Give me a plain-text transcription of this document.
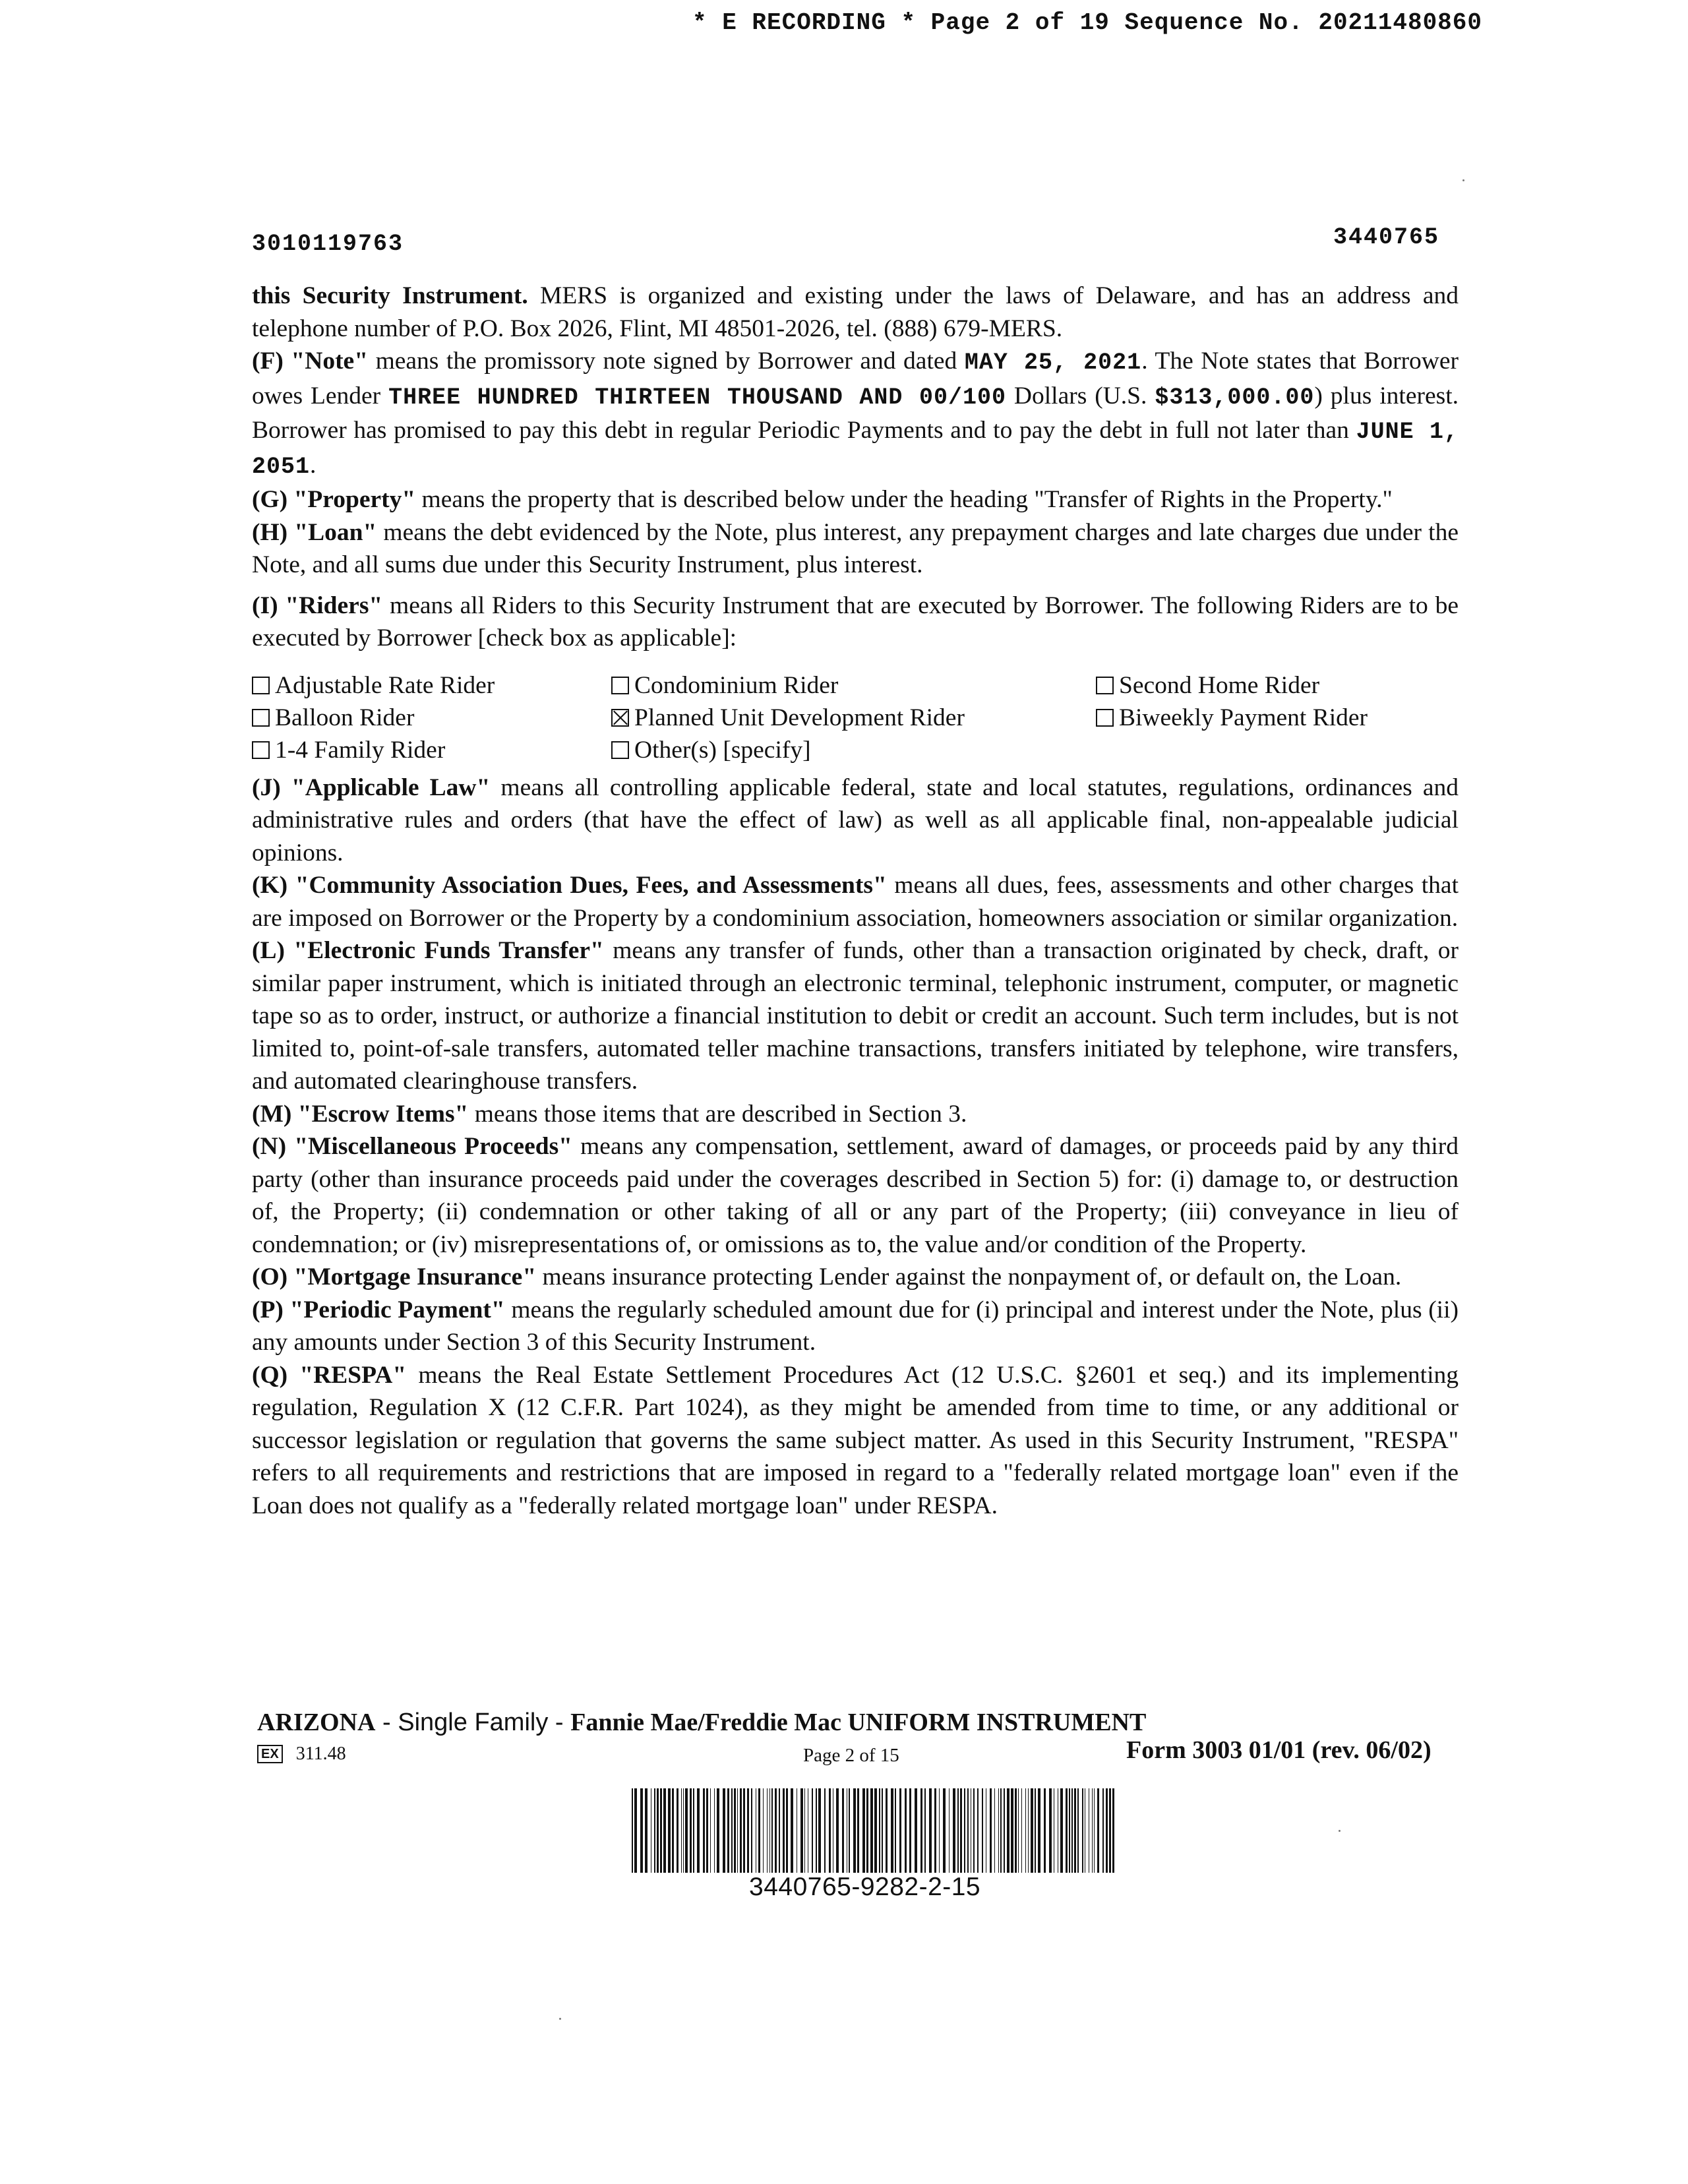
* E RECORDING * Page 2 of 19 Sequence No. 20211480860
3010119763	3440765

this Security Instrument. MERS is organized and existing under the laws of Delaware, and has an address and telephone number of P.O. Box 2026, Flint, MI 48501-2026, tel. (888) 679-MERS.

(F) "Note" means the promissory note signed by Borrower and dated MAY 25, 2021. The Note states that Borrower owes Lender THREE HUNDRED THIRTEEN THOUSAND AND 00/100 Dollars (U.S. $313,000.00) plus interest. Borrower has promised to pay this debt in regular Periodic Payments and to pay the debt in full not later than JUNE 1, 2051.

(G) "Property" means the property that is described below under the heading "Transfer of Rights in the Property."

(H) "Loan" means the debt evidenced by the Note, plus interest, any prepayment charges and late charges due under the Note, and all sums due under this Security Instrument, plus interest.

(I) "Riders" means all Riders to this Security Instrument that are executed by Borrower. The following Riders are to be executed by Borrower [check box as applicable]:

Adjustable Rate Rider	Condominium Rider	Second Home Rider
Balloon Rider	Planned Unit Development Rider	Biweekly Payment Rider
1-4 Family Rider	Other(s) [specify]

(J) "Applicable Law" means all controlling applicable federal, state and local statutes, regulations, ordinances and administrative rules and orders (that have the effect of law) as well as all applicable final, non-appealable judicial opinions.

(K) "Community Association Dues, Fees, and Assessments" means all dues, fees, assessments and other charges that are imposed on Borrower or the Property by a condominium association, homeowners association or similar organization.

(L) "Electronic Funds Transfer" means any transfer of funds, other than a transaction originated by check, draft, or similar paper instrument, which is initiated through an electronic terminal, telephonic instrument, computer, or magnetic tape so as to order, instruct, or authorize a financial institution to debit or credit an account. Such term includes, but is not limited to, point-of-sale transfers, automated teller machine transactions, transfers initiated by telephone, wire transfers, and automated clearinghouse transfers.

(M) "Escrow Items" means those items that are described in Section 3.

(N) "Miscellaneous Proceeds" means any compensation, settlement, award of damages, or proceeds paid by any third party (other than insurance proceeds paid under the coverages described in Section 5) for: (i) damage to, or destruction of, the Property; (ii) condemnation or other taking of all or any part of the Property; (iii) conveyance in lieu of condemnation; or (iv) misrepresentations of, or omissions as to, the value and/or condition of the Property.

(O) "Mortgage Insurance" means insurance protecting Lender against the nonpayment of, or default on, the Loan.

(P) "Periodic Payment" means the regularly scheduled amount due for (i) principal and interest under the Note, plus (ii) any amounts under Section 3 of this Security Instrument.

(Q) "RESPA" means the Real Estate Settlement Procedures Act (12 U.S.C. §2601 et seq.) and its implementing regulation, Regulation X (12 C.F.R. Part 1024), as they might be amended from time to time, or any additional or successor legislation or regulation that governs the same subject matter. As used in this Security Instrument, "RESPA" refers to all requirements and restrictions that are imposed in regard to a "federally related mortgage loan" even if the Loan does not qualify as a "federally related mortgage loan" under RESPA.

ARIZONA - Single Family - Fannie Mae/Freddie Mac UNIFORM INSTRUMENT
EX 311.48	Page 2 of 15	Form 3003 01/01 (rev. 06/02)
3440765-9282-2-15
